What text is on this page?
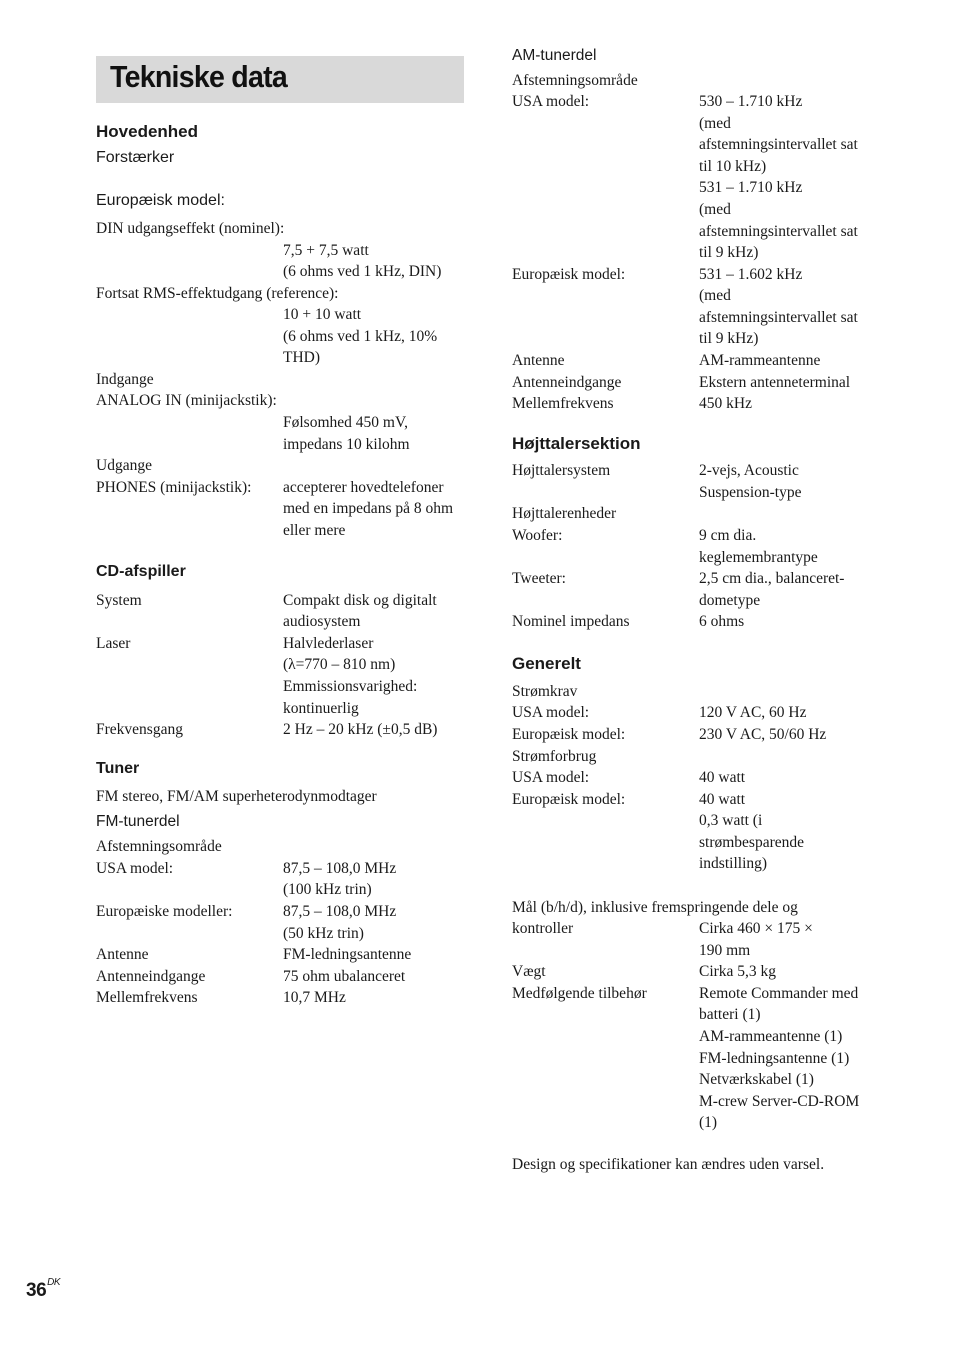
Tekniske data
Hovedenhed
Forstærker
Europæisk model:
DIN udgangseffekt (nominel):
7,5 + 7,5 watt
(6 ohms ved 1 kHz, DIN)
Fortsat RMS-effektudgang (reference):
10 + 10 watt
(6 ohms ved 1 kHz, 10%
THD)
Indgange
ANALOG IN (minijackstik):
Følsomhed 450 mV,
impedans 10 kilohm
Udgange
PHONES (minijackstik): accepterer hovedtelefoner
med en impedans på 8 ohm
eller mere
CD-afspiller
System	Compakt disk og digitalt
audiosystem
Laser	Halvlederlaser
(λ=770 – 810 nm)
Emmissionsvarighed:
kontinuerlig
Frekvensgang	2 Hz – 20 kHz (±0,5 dB)
Tuner
FM stereo, FM/AM superheterodynmodtager
FM-tunerdel
Afstemningsområde
USA model:	87,5 – 108,0 MHz
(100 kHz trin)
Europæiske modeller:	87,5 – 108,0 MHz
(50 kHz trin)
Antenne	FM-ledningsantenne
Antenneindgange	75 ohm ubalanceret
Mellemfrekvens	10,7 MHz
AM-tunerdel
Afstemningsområde
USA model:	530 – 1.710 kHz
(med
afstemningsintervallet sat
til 10 kHz)
531 – 1.710 kHz
(med
afstemningsintervallet sat
til 9 kHz)
Europæisk model:	531 – 1.602 kHz
(med
afstemningsintervallet sat
til 9 kHz)
Antenne	AM-rammeantenne
Antenneindgange	Ekstern antenneterminal
Mellemfrekvens	450 kHz
Højttalersektion
Højttalersystem	2-vejs, Acoustic
Suspension-type
Højttalerenheder
Woofer:	9 cm dia.
keglemembrantype
Tweeter:	2,5 cm dia., balanceret-
dometype
Nominel impedans	6 ohms
Generelt
Strømkrav
USA model:	120 V AC, 60 Hz
Europæisk model:	230 V AC, 50/60 Hz
Strømforbrug
USA model:	40 watt
Europæisk model:	40 watt
0,3 watt (i
strømbesparende
indstilling)
Mål (b/h/d), inklusive fremspringende dele og
kontroller	Cirka 460 × 175 ×
190 mm
Vægt	Cirka 5,3 kg
Medfølgende tilbehør	Remote Commander med
batteri (1)
AM-rammeantenne (1)
FM-ledningsantenne (1)
Netværkskabel (1)
M-crew Server-CD-ROM
(1)
Design og specifikationer kan ændres uden varsel.
$36^{DK}$
